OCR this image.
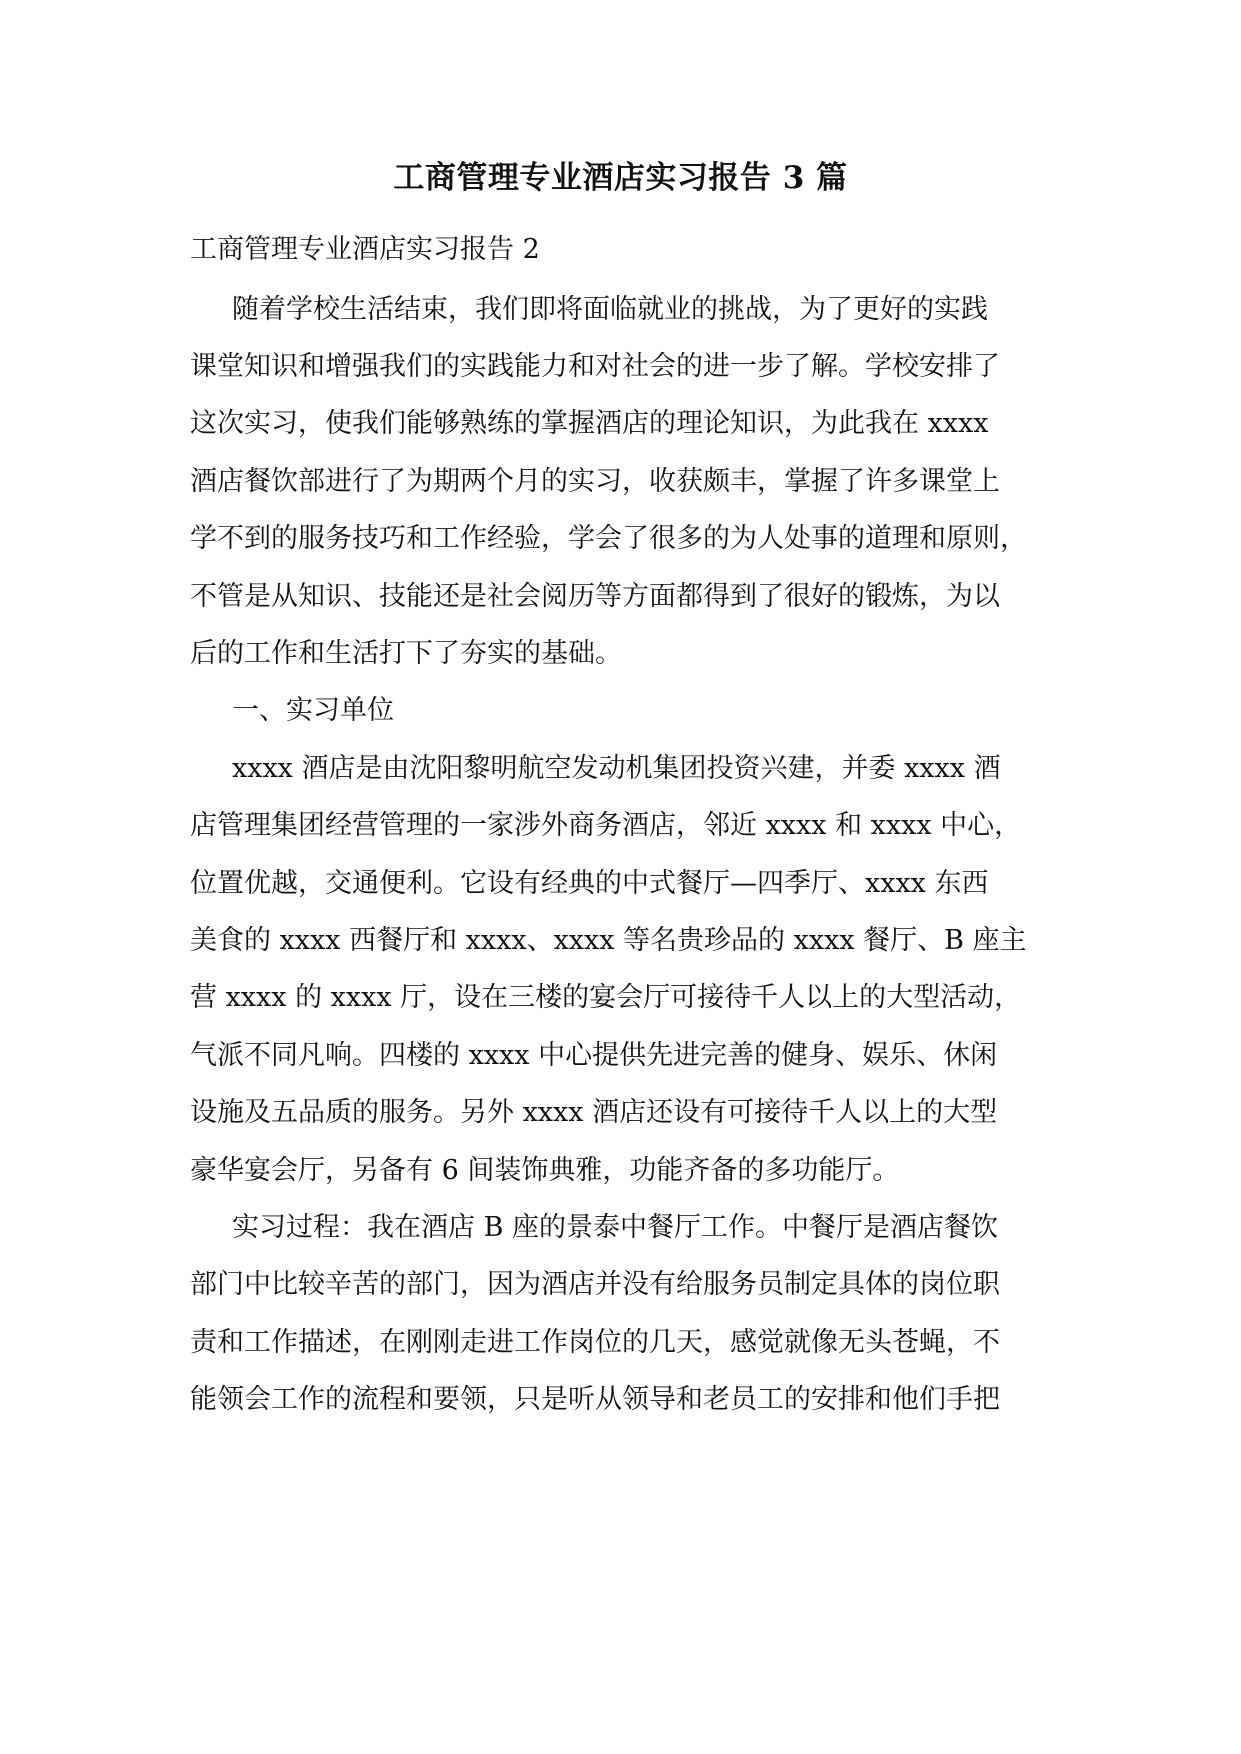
工商管理专业酒店实习报告 3 篇

工商管理专业酒店实习报告 2

随着学校生活结束，我们即将面临就业的挑战，为了更好的实践

课堂知识和增强我们的实践能力和对社会的进一步了解。学校安排了

这次实习，使我们能够熟练的掌握酒店的理论知识，为此我在 xxxx

酒店餐饮部进行了为期两个月的实习，收获颇丰，掌握了许多课堂上

学不到的服务技巧和工作经验，学会了很多的为人处事的道理和原则，

不管是从知识、技能还是社会阅历等方面都得到了很好的锻炼，为以

后的工作和生活打下了夯实的基础。

一、实习单位

xxxx 酒店是由沈阳黎明航空发动机集团投资兴建，并委 xxxx 酒

店管理集团经营管理的一家涉外商务酒店，邻近 xxxx 和 xxxx 中心，

位置优越，交通便利。它设有经典的中式餐厅—四季厅、xxxx 东西

美食的 xxxx 西餐厅和 xxxx、xxxx 等名贵珍品的 xxxx 餐厅、B 座主

营 xxxx 的 xxxx 厅，设在三楼的宴会厅可接待千人以上的大型活动，

气派不同凡响。四楼的 xxxx 中心提供先进完善的健身、娱乐、休闲

设施及五品质的服务。另外 xxxx 酒店还设有可接待千人以上的大型

豪华宴会厅，另备有 6 间装饰典雅，功能齐备的多功能厅。

实习过程：我在酒店 B 座的景泰中餐厅工作。中餐厅是酒店餐饮

部门中比较辛苦的部门，因为酒店并没有给服务员制定具体的岗位职

责和工作描述，在刚刚走进工作岗位的几天，感觉就像无头苍蝇，不

能领会工作的流程和要领，只是听从领导和老员工的安排和他们手把
